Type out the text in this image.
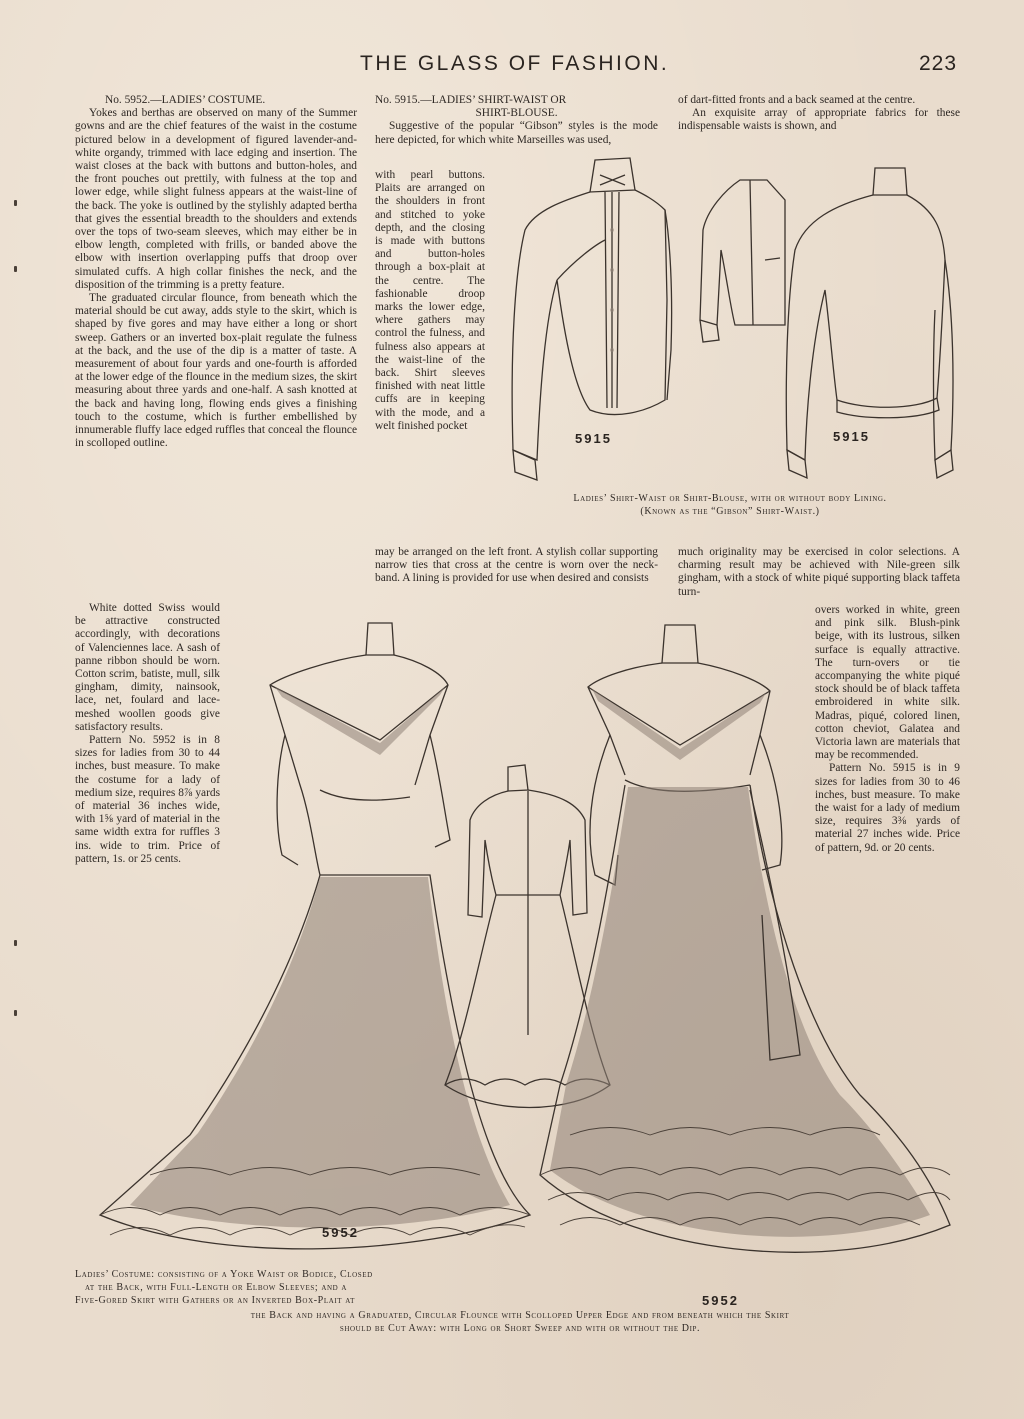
THE GLASS OF FASHION.	223

No. 5952.—LADIES’ COSTUME.

Yokes and berthas are observed on many of the Summer gowns and are the chief features of the waist in the costume pictured below in a development of figured lavender-and-white organdy, trimmed with lace edging and insertion. The waist closes at the back with buttons and button-holes, and the front pouches out prettily, with fulness at the top and lower edge, while slight fulness appears at the waist-line of the back. The yoke is outlined by the stylishly adapted bertha that gives the essential breadth to the shoulders and extends over the tops of two-seam sleeves, which may either be in elbow length, completed with frills, or banded above the elbow with insertion overlapping puffs that droop over simulated cuffs. A high collar finishes the neck, and the disposition of the trimming is a pretty feature.

The graduated circular flounce, from beneath which the material should be cut away, adds style to the skirt, which is shaped by five gores and may have either a long or short sweep. Gathers or an inverted box-plait regulate the fulness at the back, and the use of the dip is a matter of taste. A measurement of about four yards and one-fourth is afforded at the lower edge of the flounce in the medium sizes, the skirt measuring about three yards and one-half. A sash knotted at the back and having long, flowing ends gives a finishing touch to the costume, which is further embellished by innumerable fluffy lace edged ruffles that conceal the flounce in scolloped outline.

White dotted Swiss would be attractive constructed accordingly, with decorations of Valenciennes lace. A sash of panne ribbon should be worn. Cotton scrim, batiste, mull, silk gingham, dimity, nainsook, lace, net, foulard and lace-meshed woollen goods give satisfactory results.

Pattern No. 5952 is in 8 sizes for ladies from 30 to 44 inches, bust measure. To make the costume for a lady of medium size, requires 8⅞ yards of material 36 inches wide, with 1⅝ yard of material in the same width extra for ruffles 3 ins. wide to trim. Price of pattern, 1s. or 25 cents.

No. 5915.—LADIES’ SHIRT-WAIST OR

SHIRT-BLOUSE.

Suggestive of the popular “Gibson” styles is the mode here depicted, for which white Marseilles was used,

with pearl buttons. Plaits are arranged on the shoulders in front and stitched to yoke depth, and the closing is made with buttons and button-holes through a box-plait at the centre. The fashionable droop marks the lower edge, where gathers may control the fulness, and fulness also appears at the waist-line of the back. Shirt sleeves finished with neat little cuffs are in keeping with the mode, and a welt finished pocket

may be arranged on the left front. A stylish collar supporting narrow ties that cross at the centre is worn over the neck-band. A lining is provided for use when desired and consists

of dart-fitted fronts and a back seamed at the centre.

An exquisite array of appropriate fabrics for these indispensable waists is shown, and

much originality may be exercised in color selections. A charming result may be achieved with Nile-green silk gingham, with a stock of white piqué supporting black taffeta turn-

overs worked in white, green and pink silk. Blush-pink beige, with its lustrous, silken surface is equally attractive. The turn-overs or tie accompanying the white piqué stock should be of black taffeta embroidered in white silk. Madras, piqué, colored linen, cotton cheviot, Galatea and Victoria lawn are materials that may be recommended.

Pattern No. 5915 is in 9 sizes for ladies from 30 to 46 inches, bust measure. To make the waist for a lady of medium size, requires 3⅜ yards of material 27 inches wide. Price of pattern, 9d. or 20 cents.

5915	5915
Ladies’ Shirt-Waist or Shirt-Blouse, with or without body Lining.
(Known as the “Gibson” Shirt-Waist.)
5952
5952
Ladies’ Costume: consisting of a Yoke Waist or Bodice, Closed
at the Back, with Full-Length or Elbow Sleeves; and a
Five-Gored Skirt with Gathers or an Inverted Box-Plait at
the Back and having a Graduated, Circular Flounce with Scolloped Upper Edge and from beneath which the Skirt
should be Cut Away: with Long or Short Sweep and with or without the Dip.
